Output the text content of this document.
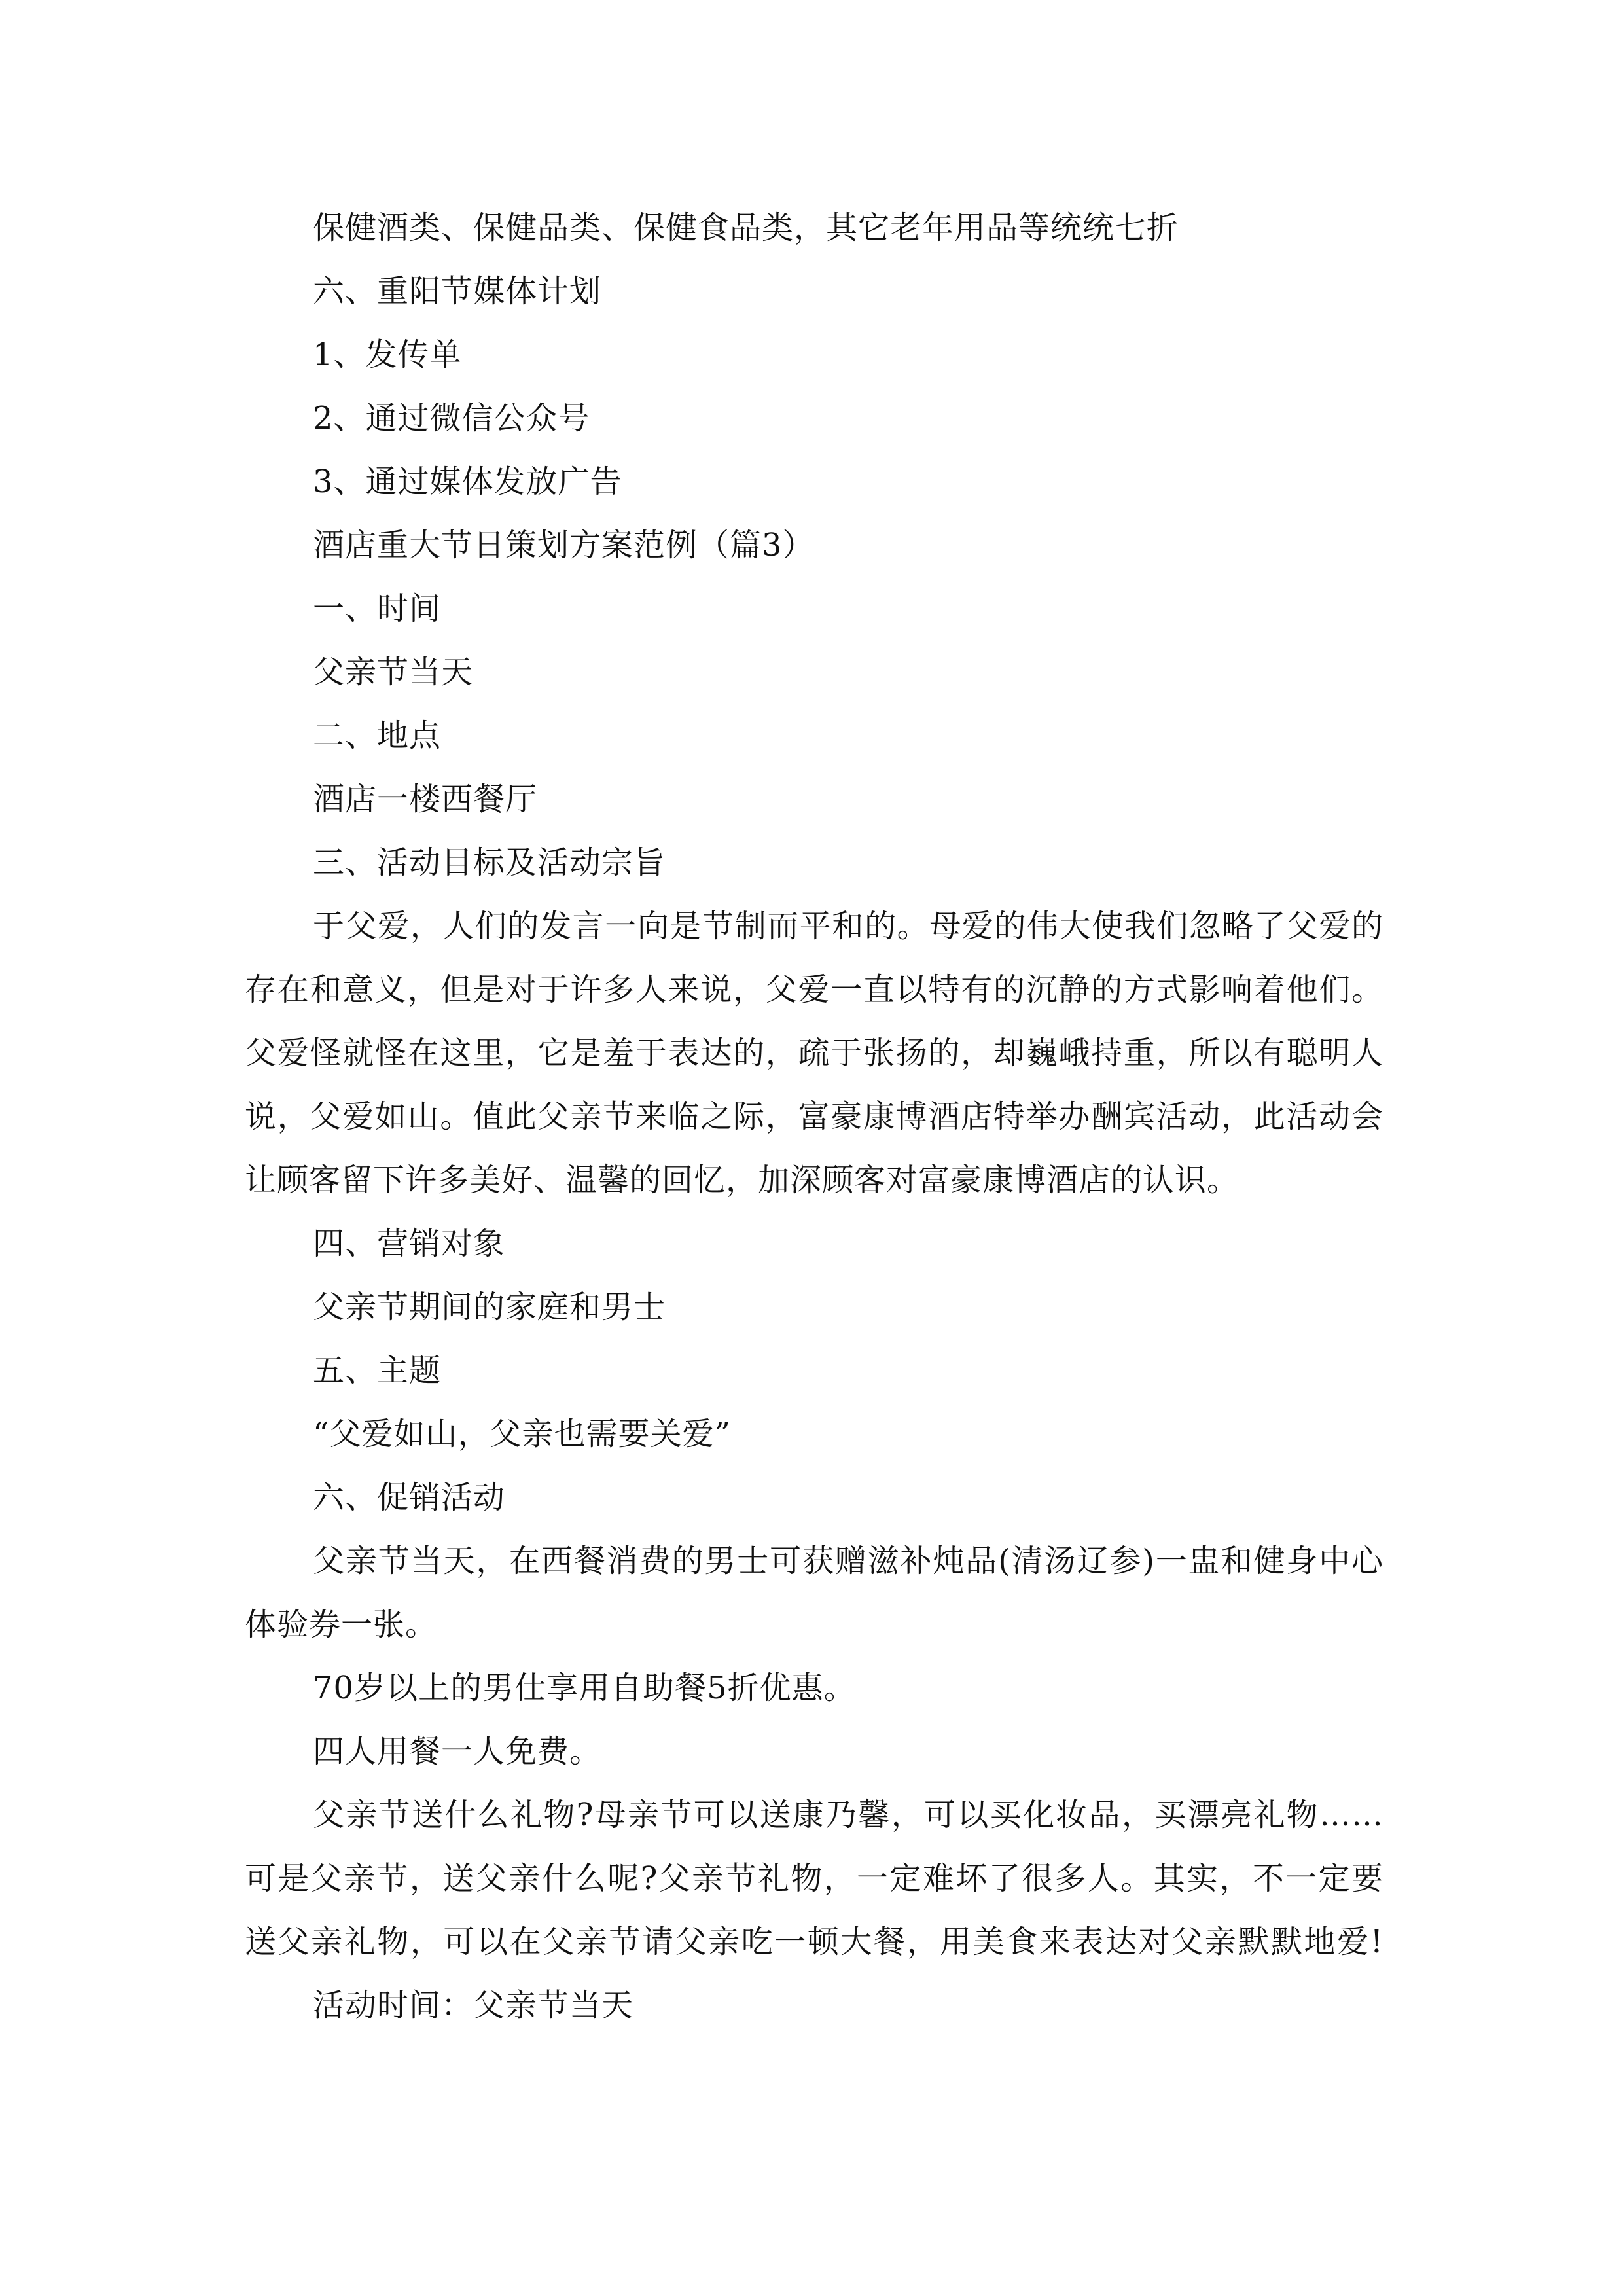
保健酒类、保健品类、保健食品类，其它老年用品等统统七折
六、重阳节媒体计划
1、发传单
2、通过微信公众号
3、通过媒体发放广告
酒店重大节日策划方案范例（篇3）
一、时间
父亲节当天
二、地点
酒店一楼西餐厅
三、活动目标及活动宗旨
于父爱，人们的发言一向是节制而平和的。母爱的伟大使我们忽略了父爱的
存在和意义，但是对于许多人来说，父爱一直以特有的沉静的方式影响着他们。
父爱怪就怪在这里，它是羞于表达的，疏于张扬的，却巍峨持重，所以有聪明人
说，父爱如山。值此父亲节来临之际，富豪康博酒店特举办酬宾活动，此活动会
让顾客留下许多美好、温馨的回忆，加深顾客对富豪康博酒店的认识。
四、营销对象
父亲节期间的家庭和男士
五、主题
“父爱如山，父亲也需要关爱”
六、促销活动
父亲节当天，在西餐消费的男士可获赠滋补炖品(清汤辽参)一盅和健身中心
体验券一张。
70岁以上的男仕享用自助餐5折优惠。
四人用餐一人免费。
父亲节送什么礼物?母亲节可以送康乃馨，可以买化妆品，买漂亮礼物……
可是父亲节，送父亲什么呢?父亲节礼物，一定难坏了很多人。其实，不一定要
送父亲礼物，可以在父亲节请父亲吃一顿大餐，用美食来表达对父亲默默地爱!
活动时间：父亲节当天
